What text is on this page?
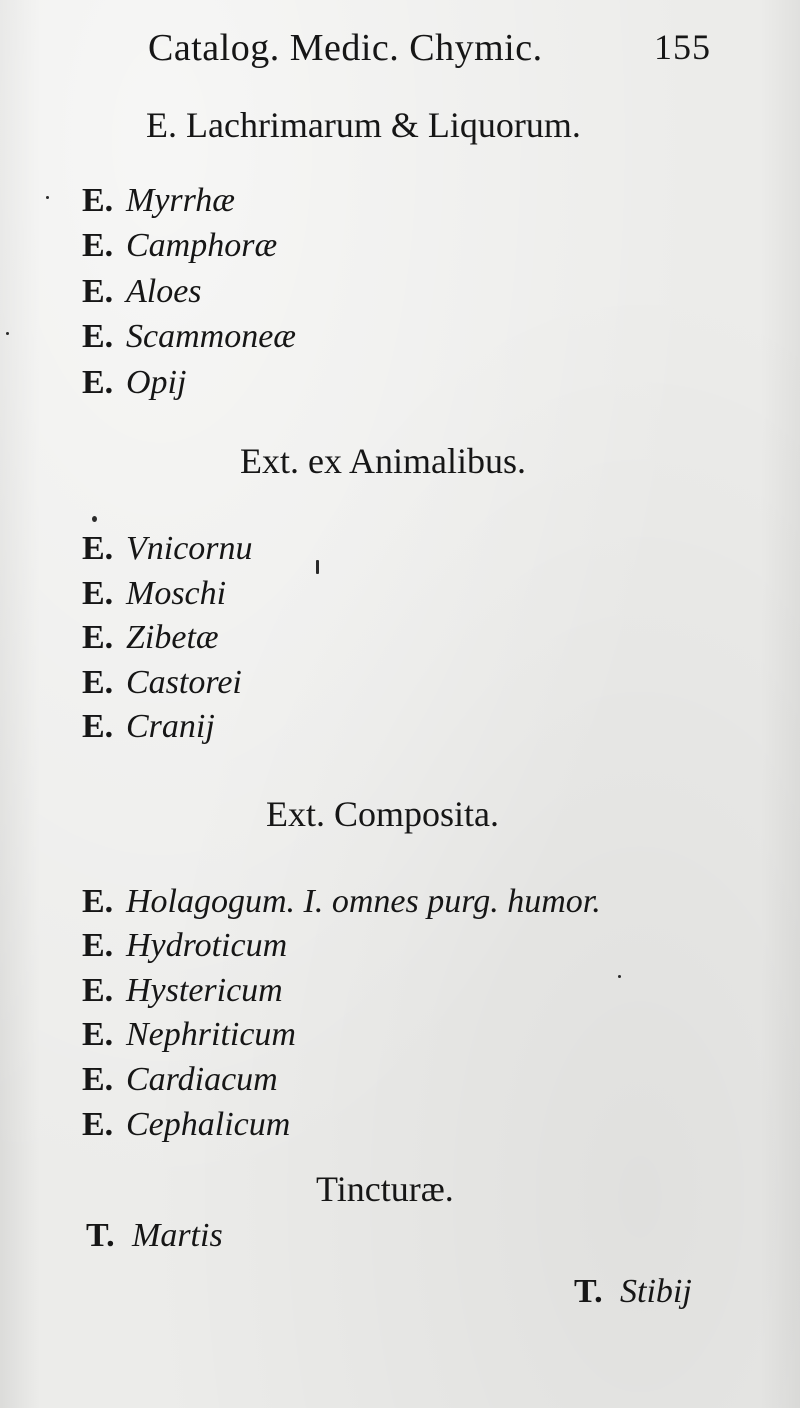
Catalog. Medic. Chymic.	155
E. Lachrimarum & Liquorum.
E. Myrrhæ
E. Camphoræ
E. Aloes
E. Scammoneæ
E. Opij
Ext. ex Animalibus.
E. Vnicornu
E. Moschi
E. Zibetæ
E. Castorei
E. Cranij
Ext. Composita.
E. Holagogum. I. omnes purg. humor.
E. Hydroticum
E. Hystericum
E. Nephriticum
E. Cardiacum
E. Cephalicum
Tincturæ.
T. Martis
T. Stibij
